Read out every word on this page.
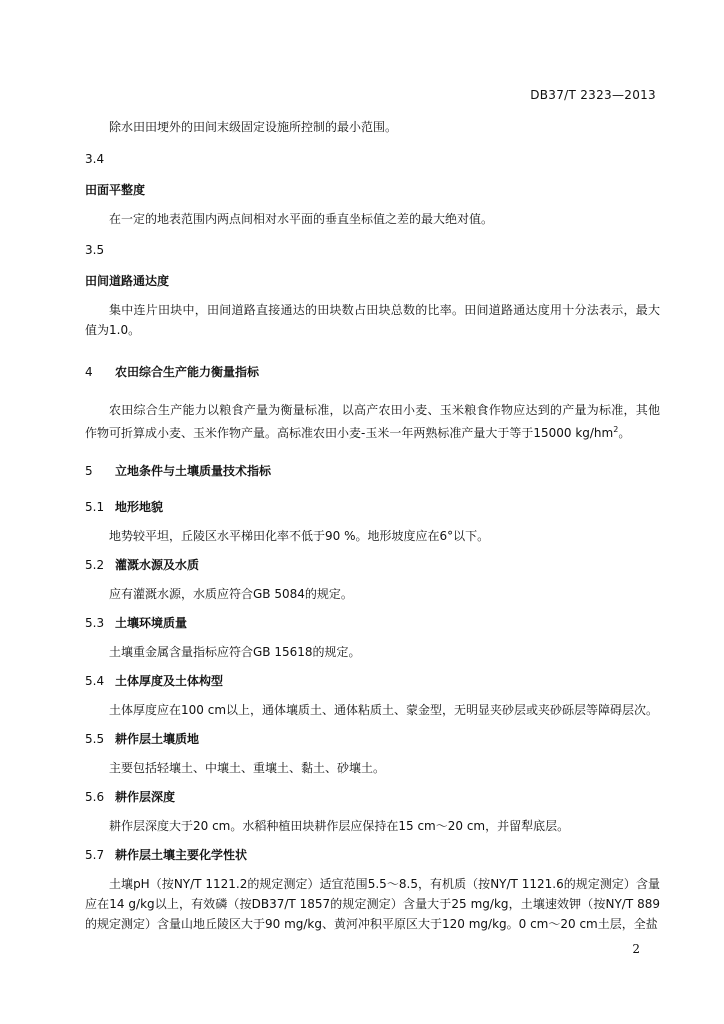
DB37/T 2323—2013

除水田田埂外的田间末级固定设施所控制的最小范围。

3.4

田面平整度

在一定的地表范围内两点间相对水平面的垂直坐标值之差的最大绝对值。

3.5

田间道路通达度

集中连片田块中，田间道路直接通达的田块数占田块总数的比率。田间道路通达度用十分法表示，最大值为1.0。

4	农田综合生产能力衡量指标

农田综合生产能力以粮食产量为衡量标准，以高产农田小麦、玉米粮食作物应达到的产量为标准，其他作物可折算成小麦、玉米作物产量。高标准农田小麦-玉米一年两熟标准产量大于等于15000 $kg/hm^2$。

5	立地条件与土壤质量技术指标

5.1 地形地貌

地势较平坦，丘陵区水平梯田化率不低于90 %。地形坡度应在6°以下。

5.2 灌溉水源及水质

应有灌溉水源，水质应符合GB 5084的规定。

5.3 土壤环境质量

土壤重金属含量指标应符合GB 15618的规定。

5.4 土体厚度及土体构型

土体厚度应在100 cm以上，通体壤质土、通体粘质土、蒙金型，无明显夹砂层或夹砂砾层等障碍层次。

5.5 耕作层土壤质地

主要包括轻壤土、中壤土、重壤土、黏土、砂壤土。

5.6 耕作层深度

耕作层深度大于20 cm。水稻种植田块耕作层应保持在15 cm～20 cm，并留犁底层。

5.7 耕作层土壤主要化学性状

土壤pH（按NY/T 1121.2的规定测定）适宜范围5.5～8.5，有机质（按NY/T 1121.6的规定测定）含量应在14 g/kg以上，有效磷（按DB37/T 1857的规定测定）含量大于25 mg/kg，土壤速效钾（按NY/T 889的规定测定）含量山地丘陵区大于90 mg/kg、黄河冲积平原区大于120 mg/kg。0 cm～20 cm土层，全盐

2
